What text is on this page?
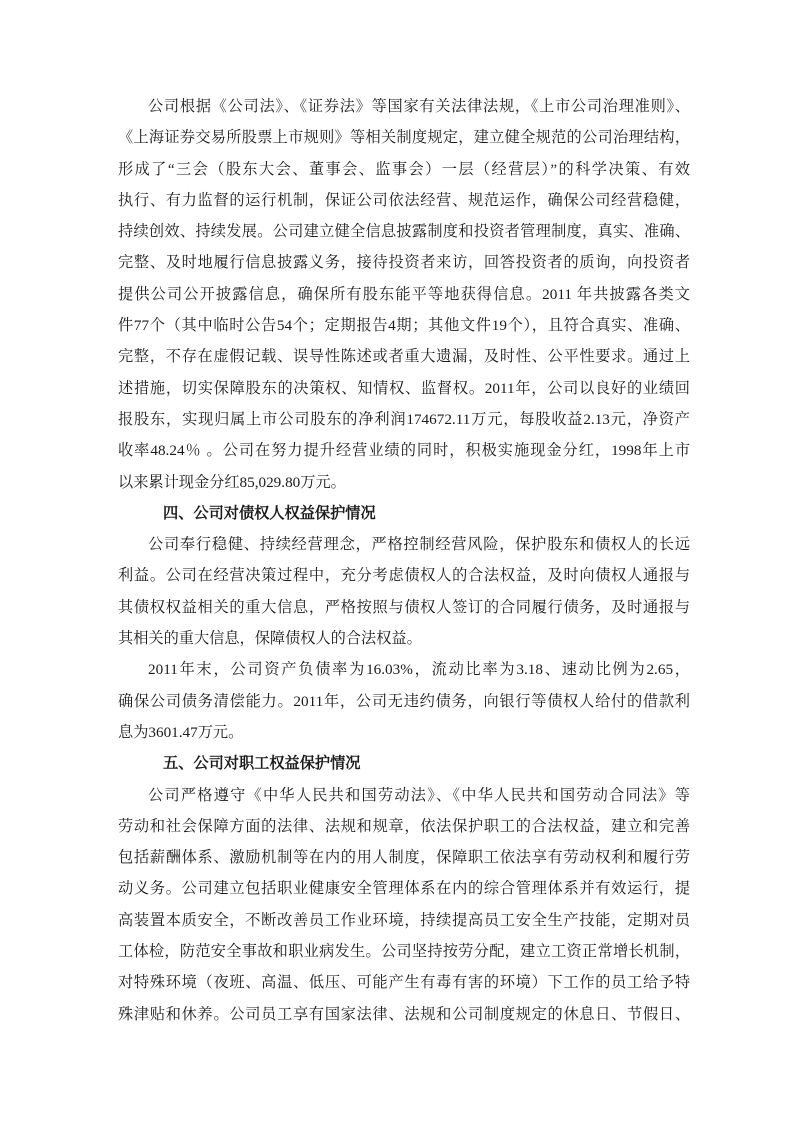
公司根据《公司法》、《证券法》等国家有关法律法规，《上市公司治理准则》、
《上海证券交易所股票上市规则》等相关制度规定，建立健全规范的公司治理结构，
形成了“三会（股东大会、董事会、监事会）一层（经营层）”的科学决策、有效
执行、有力监督的运行机制，保证公司依法经营、规范运作，确保公司经营稳健，
持续创效、持续发展。公司建立健全信息披露制度和投资者管理制度，真实、准确、
完整、及时地履行信息披露义务，接待投资者来访，回答投资者的质询，向投资者
提供公司公开披露信息，确保所有股东能平等地获得信息。2011 年共披露各类文
件77个（其中临时公告54个；定期报告4期；其他文件19个），且符合真实、准确、
完整，不存在虚假记载、误导性陈述或者重大遗漏，及时性、公平性要求。通过上
述措施，切实保障股东的决策权、知情权、监督权。2011年，公司以良好的业绩回
报股东，实现归属上市公司股东的净利润174672.11万元，每股收益2.13元，净资产
收率48.24％ 。公司在努力提升经营业绩的同时，积极实施现金分红，1998年上市
以来累计现金分红85,029.80万元。
四、公司对债权人权益保护情况
公司奉行稳健、持续经营理念，严格控制经营风险，保护股东和债权人的长远
利益。公司在经营决策过程中，充分考虑债权人的合法权益，及时向债权人通报与
其债权权益相关的重大信息，严格按照与债权人签订的合同履行债务，及时通报与
其相关的重大信息，保障债权人的合法权益。
2011年末，公司资产负债率为16.03%，流动比率为3.18、速动比例为2.65，
确保公司债务清偿能力。2011年，公司无违约债务，向银行等债权人给付的借款利
息为3601.47万元。
五、公司对职工权益保护情况
公司严格遵守《中华人民共和国劳动法》、《中华人民共和国劳动合同法》等
劳动和社会保障方面的法律、法规和规章，依法保护职工的合法权益，建立和完善
包括薪酬体系、激励机制等在内的用人制度，保障职工依法享有劳动权利和履行劳
动义务。公司建立包括职业健康安全管理体系在内的综合管理体系并有效运行，提
高装置本质安全，不断改善员工作业环境，持续提高员工安全生产技能，定期对员
工体检，防范安全事故和职业病发生。公司坚持按劳分配，建立工资正常增长机制，
对特殊环境（夜班、高温、低压、可能产生有毒有害的环境）下工作的员工给予特
殊津贴和休养。公司员工享有国家法律、法规和公司制度规定的休息日、节假日、
